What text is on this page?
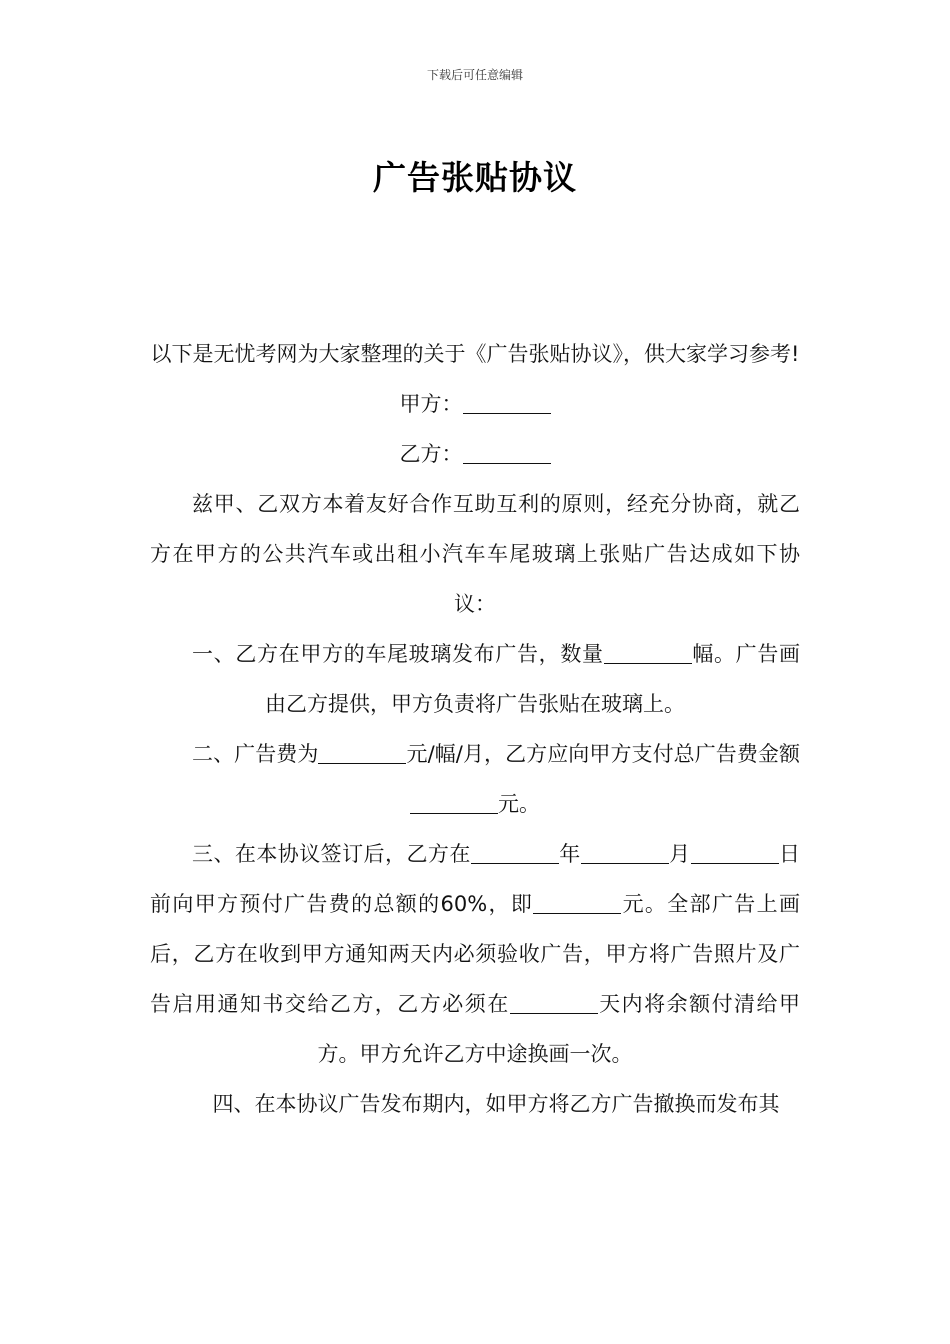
下载后可任意编辑
广告张贴协议

以下是无忧考网为大家整理的关于《广告张贴协议》，供大家学习参考!

甲方：

乙方：

兹甲、乙双方本着友好合作互助互利的原则，经充分协商，就乙方在甲方的公共汽车或出租小汽车车尾玻璃上张贴广告达成如下协议：

一、乙方在甲方的车尾玻璃发布广告，数量	幅。广告画由乙方提供，甲方负责将广告张贴在玻璃上。

二、广告费为	元/幅/月，乙方应向甲方支付总广告费金额元。

三、在本协议签订后，乙方在	年	月	日前向甲方预付广告费的总额的60%，即	元。全部广告上画后，乙方在收到甲方通知两天内必须验收广告，甲方将广告照片及广告启用通知书交给乙方，乙方必须在	天内将余额付清给甲方。甲方允许乙方中途换画一次。

四、在本协议广告发布期内，如甲方将乙方广告撤换而发布其
